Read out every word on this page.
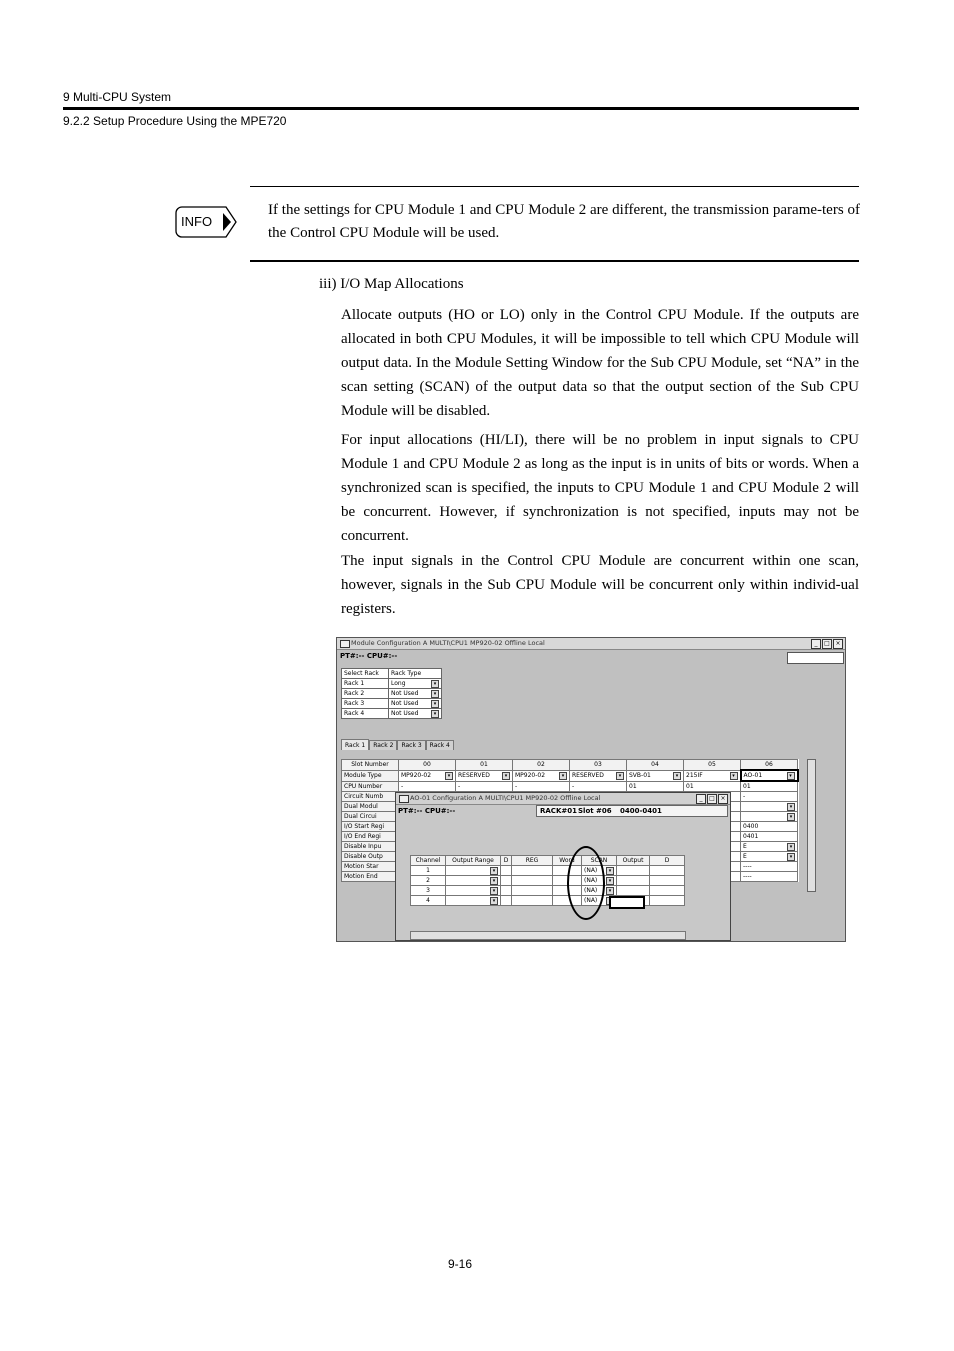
9 Multi-CPU System
9.2.2 Setup Procedure Using the MPE720
INFO
If the settings for CPU Module 1 and CPU Module 2 are different, the transmission parame-ters of the Control CPU Module will be used.
iii) I/O Map Allocations

Allocate outputs (HO or LO) only in the Control CPU Module. If the outputs are allocated in both CPU Modules, it will be impossible to tell which CPU Module will output data. In the Module Setting Window for the Sub CPU Module, set “NA” in the scan setting (SCAN) of the output data so that the output section of the Sub CPU Module will be disabled.

For input allocations (HI/LI), there will be no problem in input signals to CPU Module 1 and CPU Module 2 as long as the input is in units of bits or words. When a synchronized scan is specified, the inputs to CPU Module 1 and CPU Module 2 will be concurrent. However, if synchronization is not specified, inputs may not be concurrent.

The input signals in the Control CPU Module are concurrent within one scan, however, signals in the Sub CPU Module will be concurrent only within individ-ual registers.

Module Configuration A MULTI\CPU1 MP920-02 Offline Local	_	□ ×
PT#:-- CPU#:--
Select Rack	Rack Type
Rack 1	Long ▾

Rack 2	Not Used ▾

Rack 3	Not Used ▾

Rack 4	Not Used ▾
Rack 1	Rack 2	Rack 3	Rack 4
Slot Number	00	01	02	03	04	05	06
Module Type	MP920-02 ▾	RESERVED ▾	MP920-02 ▾	RESERVED ▾	SVB-01 ▾	215IF ▾	AO-01 ▾

CPU Number	-	-	-	-	01	01	01
Circuit Numb							-
Dual Modul							▾

Dual Circui							▾

I/O Start Regi							0400
I/O End Regi							0401
Disable Inpu							E ▾

Disable Outp							E ▾

Motion Star							----
Motion End							----
AO-01 Configuration A MULTI\CPU1 MP920-02 Offline Local	_	□ ×
PT#:-- CPU#:--	RACK#01 Slot #06 0400-0401
Channel	Output Range	D	REG	Word	SCAN	Output	D
1	▾				(NA) ▾		

2	▾				(NA) ▾		

3	▾				(NA) ▾		

4	▾				(NA)

9-16
